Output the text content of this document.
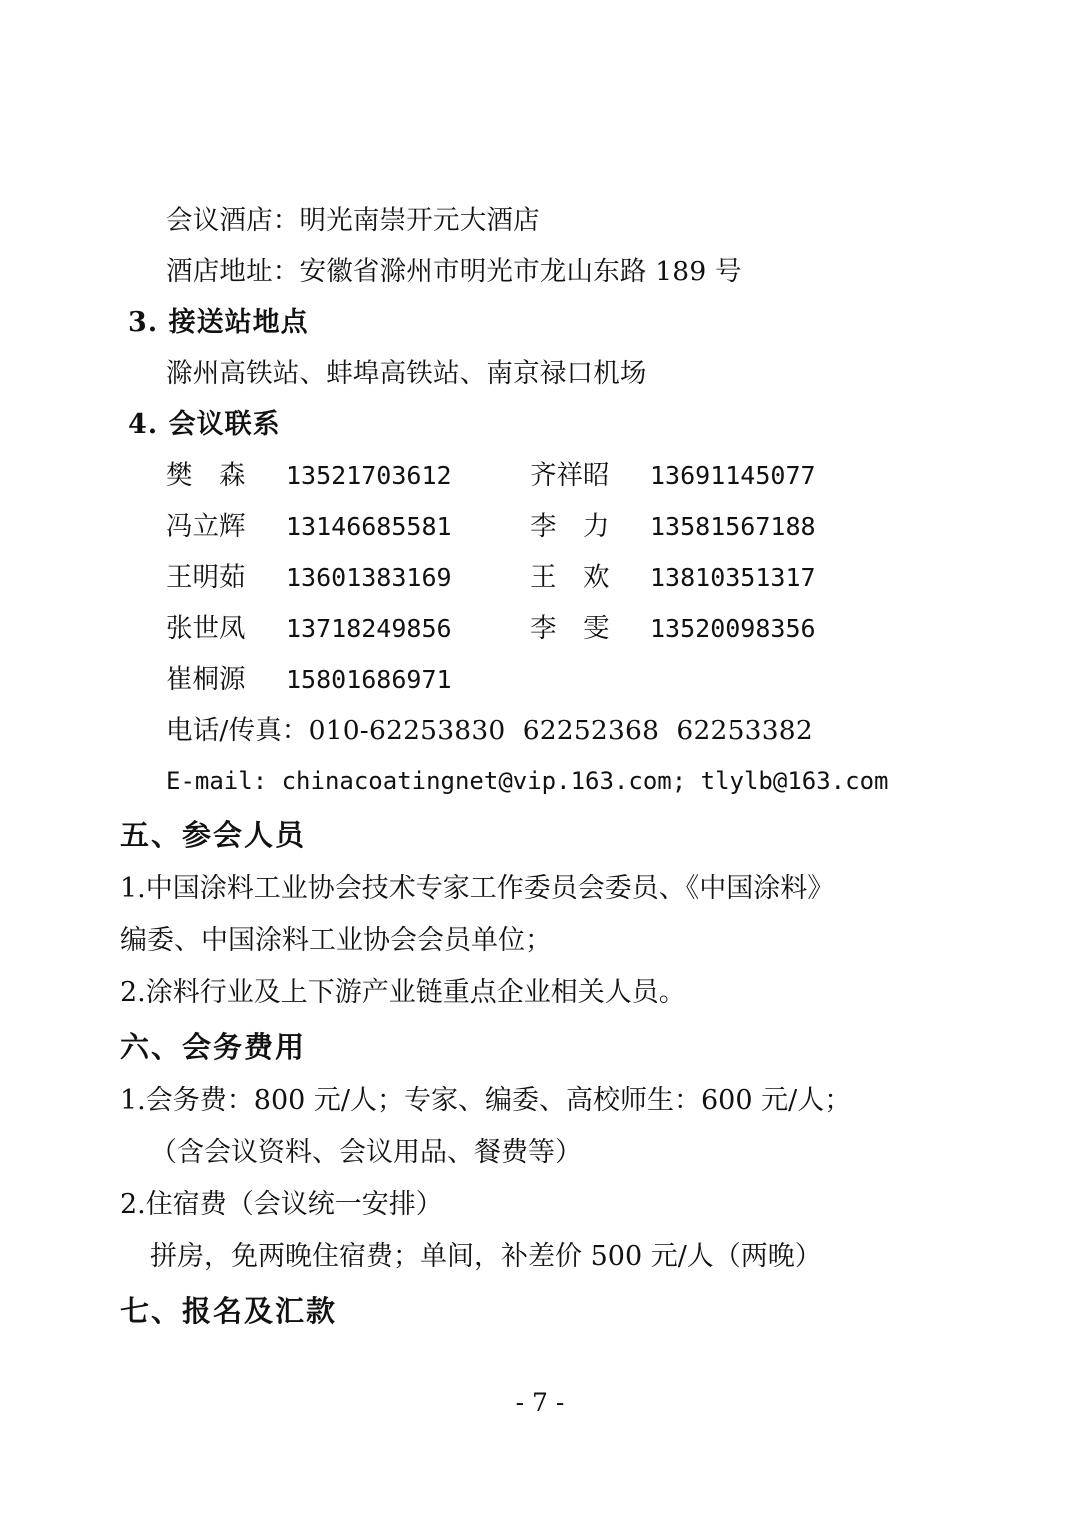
会议酒店：明光南崇开元大酒店
酒店地址：安徽省滁州市明光市龙山东路 189 号
3. 接送站地点
滁州高铁站、蚌埠高铁站、南京禄口机场
4. 会议联系
樊　森	13521703612	齐祥昭	13691145077
冯立辉	13146685581	李　力	13581567188
王明茹	13601383169	王　欢	13810351317
张世凤	13718249856	李　雯	13520098356
崔桐源	15801686971
电话/传真：010-62253830  62252368  62253382
E-mail: chinacoatingnet@vip.163.com; tlylb@163.com
五、参会人员
1.中国涂料工业协会技术专家工作委员会委员、《中国涂料》
编委、中国涂料工业协会会员单位；
2.涂料行业及上下游产业链重点企业相关人员。
六、会务费用
1.会务费：800 元/人；专家、编委、高校师生：600 元/人；
（含会议资料、会议用品、餐费等）
2.住宿费（会议统一安排）
拼房，免两晚住宿费；单间，补差价 500 元/人（两晚）
七、报名及汇款
- 7 -
